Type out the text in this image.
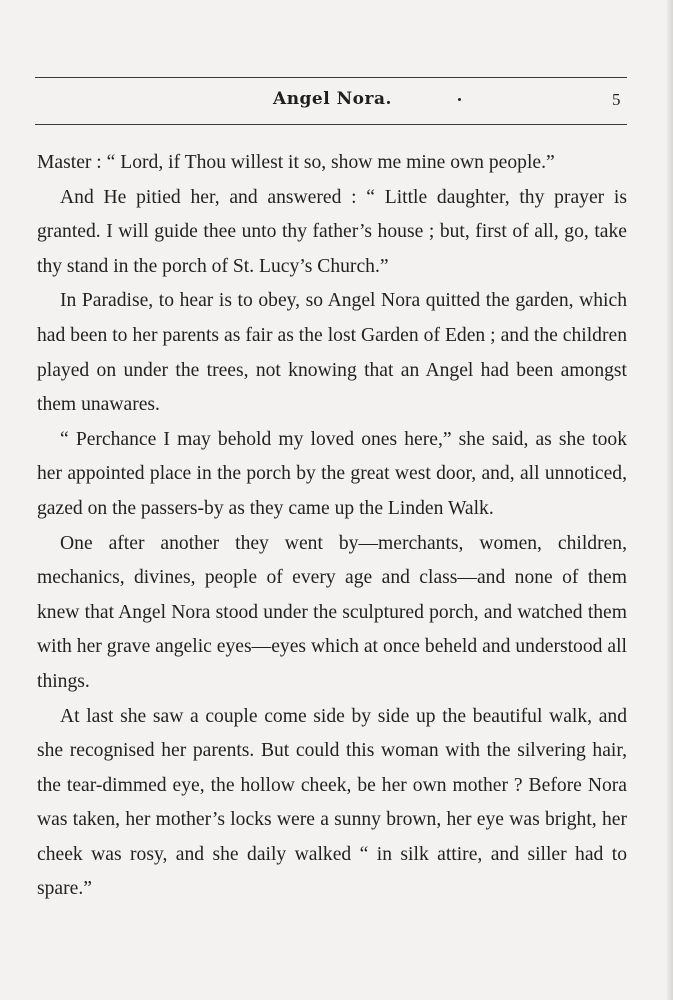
Angel Nora.	5

Master : “ Lord, if Thou willest it so, show me mine own people.”

And He pitied her, and answered : “ Little daughter, thy prayer is granted. I will guide thee unto thy father’s house ; but, first of all, go, take thy stand in the porch of St. Lucy’s Church.”

In Paradise, to hear is to obey, so Angel Nora quitted the garden, which had been to her parents as fair as the lost Garden of Eden ; and the children played on under the trees, not knowing that an Angel had been amongst them unawares.

“ Perchance I may behold my loved ones here,” she said, as she took her appointed place in the porch by the great west door, and, all unnoticed, gazed on the passers-by as they came up the Linden Walk.

One after another they went by—merchants, women, children, mechanics, divines, people of every age and class—and none of them knew that Angel Nora stood under the sculptured porch, and watched them with her grave angelic eyes—eyes which at once beheld and understood all things.

At last she saw a couple come side by side up the beautiful walk, and she recognised her parents. But could this woman with the silvering hair, the tear-dimmed eye, the hollow cheek, be her own mother ? Before Nora was taken, her mother’s locks were a sunny brown, her eye was bright, her cheek was rosy, and she daily walked “ in silk attire, and siller had to spare.”
